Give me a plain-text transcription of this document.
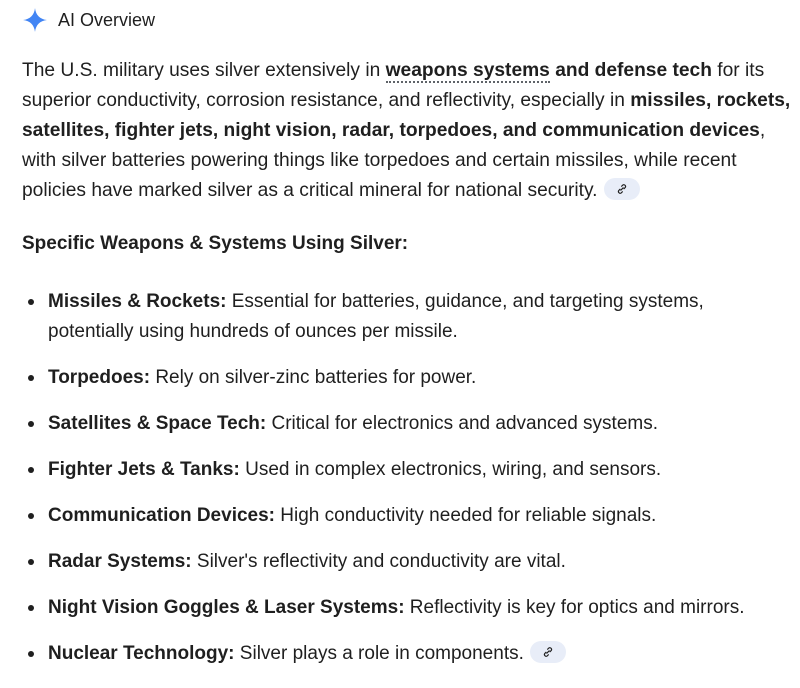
AI Overview
The U.S. military uses silver extensively in weapons systems and defense tech for its superior conductivity, corrosion resistance, and reflectivity, especially in missiles, rockets, satellites, fighter jets, night vision, radar, torpedoes, and communication devices, with silver batteries powering things like torpedoes and certain missiles, while recent policies have marked silver as a critical mineral for national security.
Specific Weapons & Systems Using Silver:
Missiles & Rockets: Essential for batteries, guidance, and targeting systems, potentially using hundreds of ounces per missile.
Torpedoes: Rely on silver-zinc batteries for power.
Satellites & Space Tech: Critical for electronics and advanced systems.
Fighter Jets & Tanks: Used in complex electronics, wiring, and sensors.
Communication Devices: High conductivity needed for reliable signals.
Radar Systems: Silver's reflectivity and conductivity are vital.
Night Vision Goggles & Laser Systems: Reflectivity is key for optics and mirrors.
Nuclear Technology: Silver plays a role in components.
